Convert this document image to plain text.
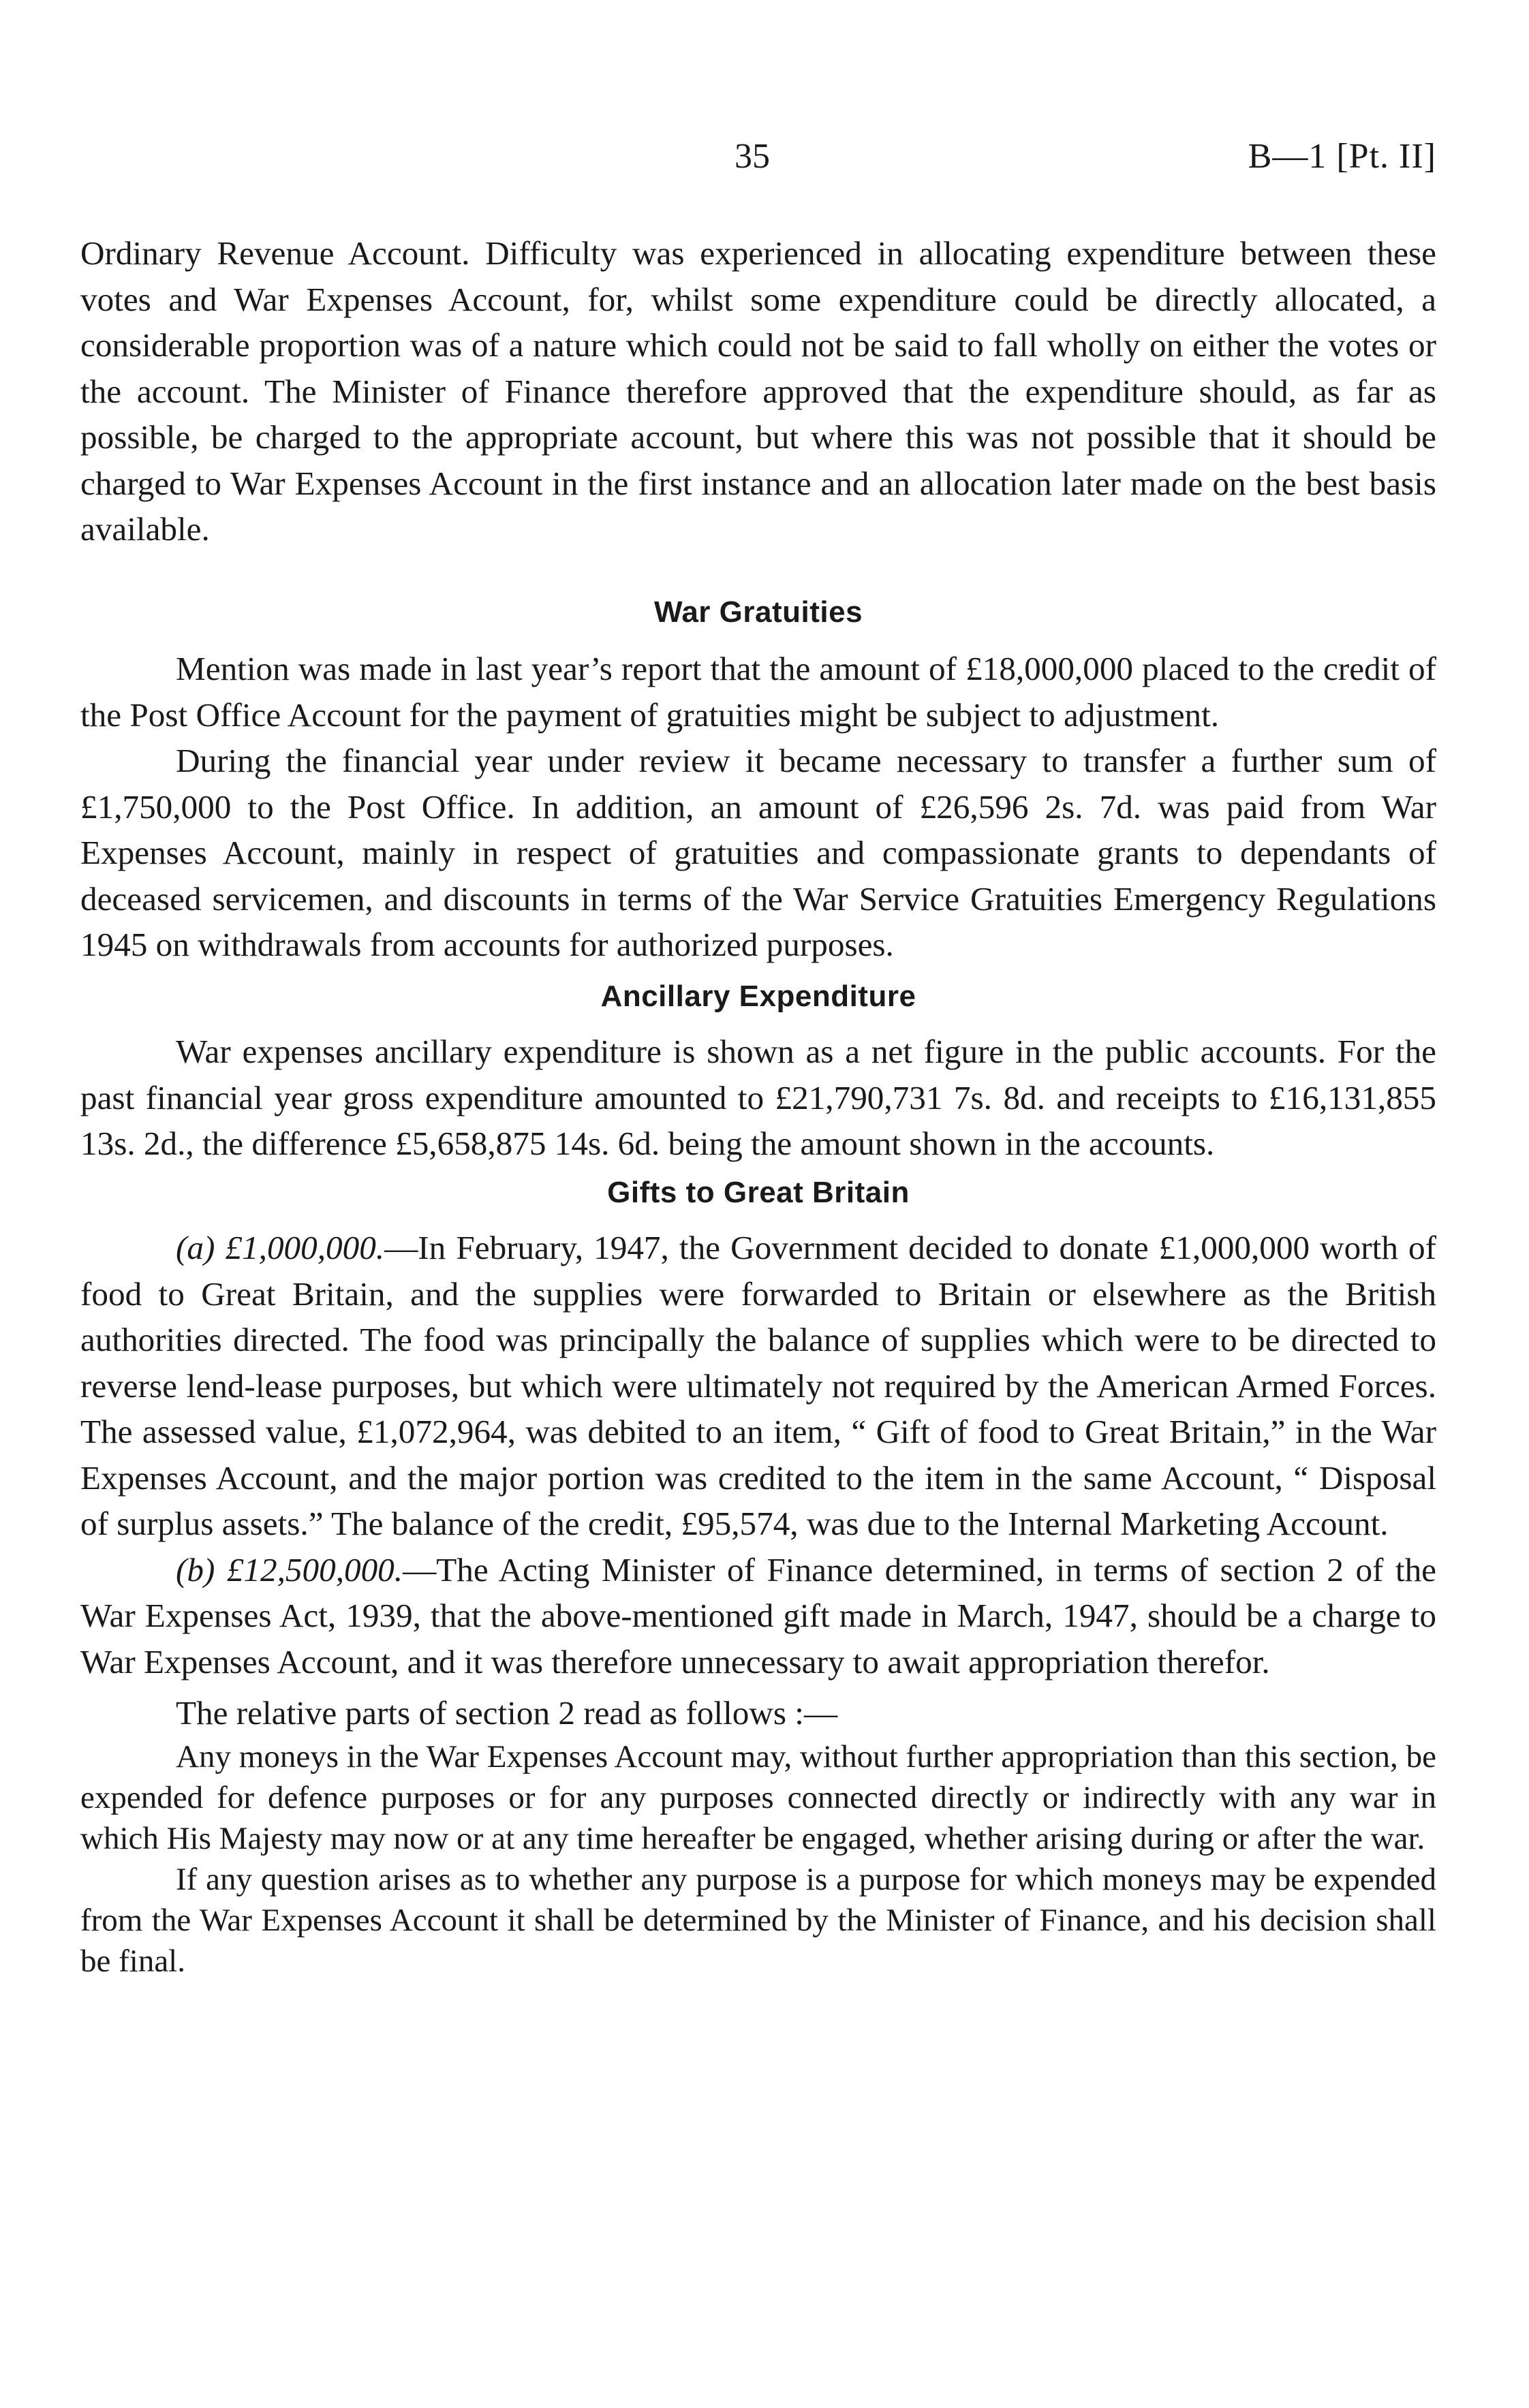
35	B—1 [Pt. II]

Ordinary Revenue Account. Difficulty was experienced in allocating expenditure between these votes and War Expenses Account, for, whilst some expenditure could be directly allocated, a considerable proportion was of a nature which could not be said to fall wholly on either the votes or the account. The Minister of Finance therefore approved that the expenditure should, as far as possible, be charged to the appropriate account, but where this was not possible that it should be charged to War Expenses Account in the first instance and an allocation later made on the best basis available.

War Gratuities

Mention was made in last year’s report that the amount of £18,000,000 placed to the credit of the Post Office Account for the payment of gratuities might be subject to adjustment.

During the financial year under review it became necessary to transfer a further sum of £1,750,000 to the Post Office. In addition, an amount of £26,596 2s. 7d. was paid from War Expenses Account, mainly in respect of gratuities and compassionate grants to dependants of deceased servicemen, and discounts in terms of the War Service Gratuities Emergency Regulations 1945 on withdrawals from accounts for authorized purposes.

Ancillary Expenditure

War expenses ancillary expenditure is shown as a net figure in the public accounts. For the past financial year gross expenditure amounted to £21,790,731 7s. 8d. and receipts to £16,131,855 13s. 2d., the difference £5,658,875 14s. 6d. being the amount shown in the accounts.

Gifts to Great Britain

(a) £1,000,000.—In February, 1947, the Government decided to donate £1,000,000 worth of food to Great Britain, and the supplies were forwarded to Britain or elsewhere as the British authorities directed. The food was principally the balance of supplies which were to be directed to reverse lend-lease purposes, but which were ultimately not required by the American Armed Forces. The assessed value, £1,072,964, was debited to an item, “ Gift of food to Great Britain,” in the War Expenses Account, and the major portion was credited to the item in the same Account, “ Disposal of surplus assets.” The balance of the credit, £95,574, was due to the Internal Marketing Account.

(b) £12,500,000.—The Acting Minister of Finance determined, in terms of section 2 of the War Expenses Act, 1939, that the above-mentioned gift made in March, 1947, should be a charge to War Expenses Account, and it was therefore unnecessary to await appropriation therefor.

The relative parts of section 2 read as follows :—

Any moneys in the War Expenses Account may, without further appropriation than this section, be expended for defence purposes or for any purposes connected directly or indirectly with any war in which His Majesty may now or at any time hereafter be engaged, whether arising during or after the war.

If any question arises as to whether any purpose is a purpose for which moneys may be expended from the War Expenses Account it shall be determined by the Minister of Finance, and his decision shall be final.
